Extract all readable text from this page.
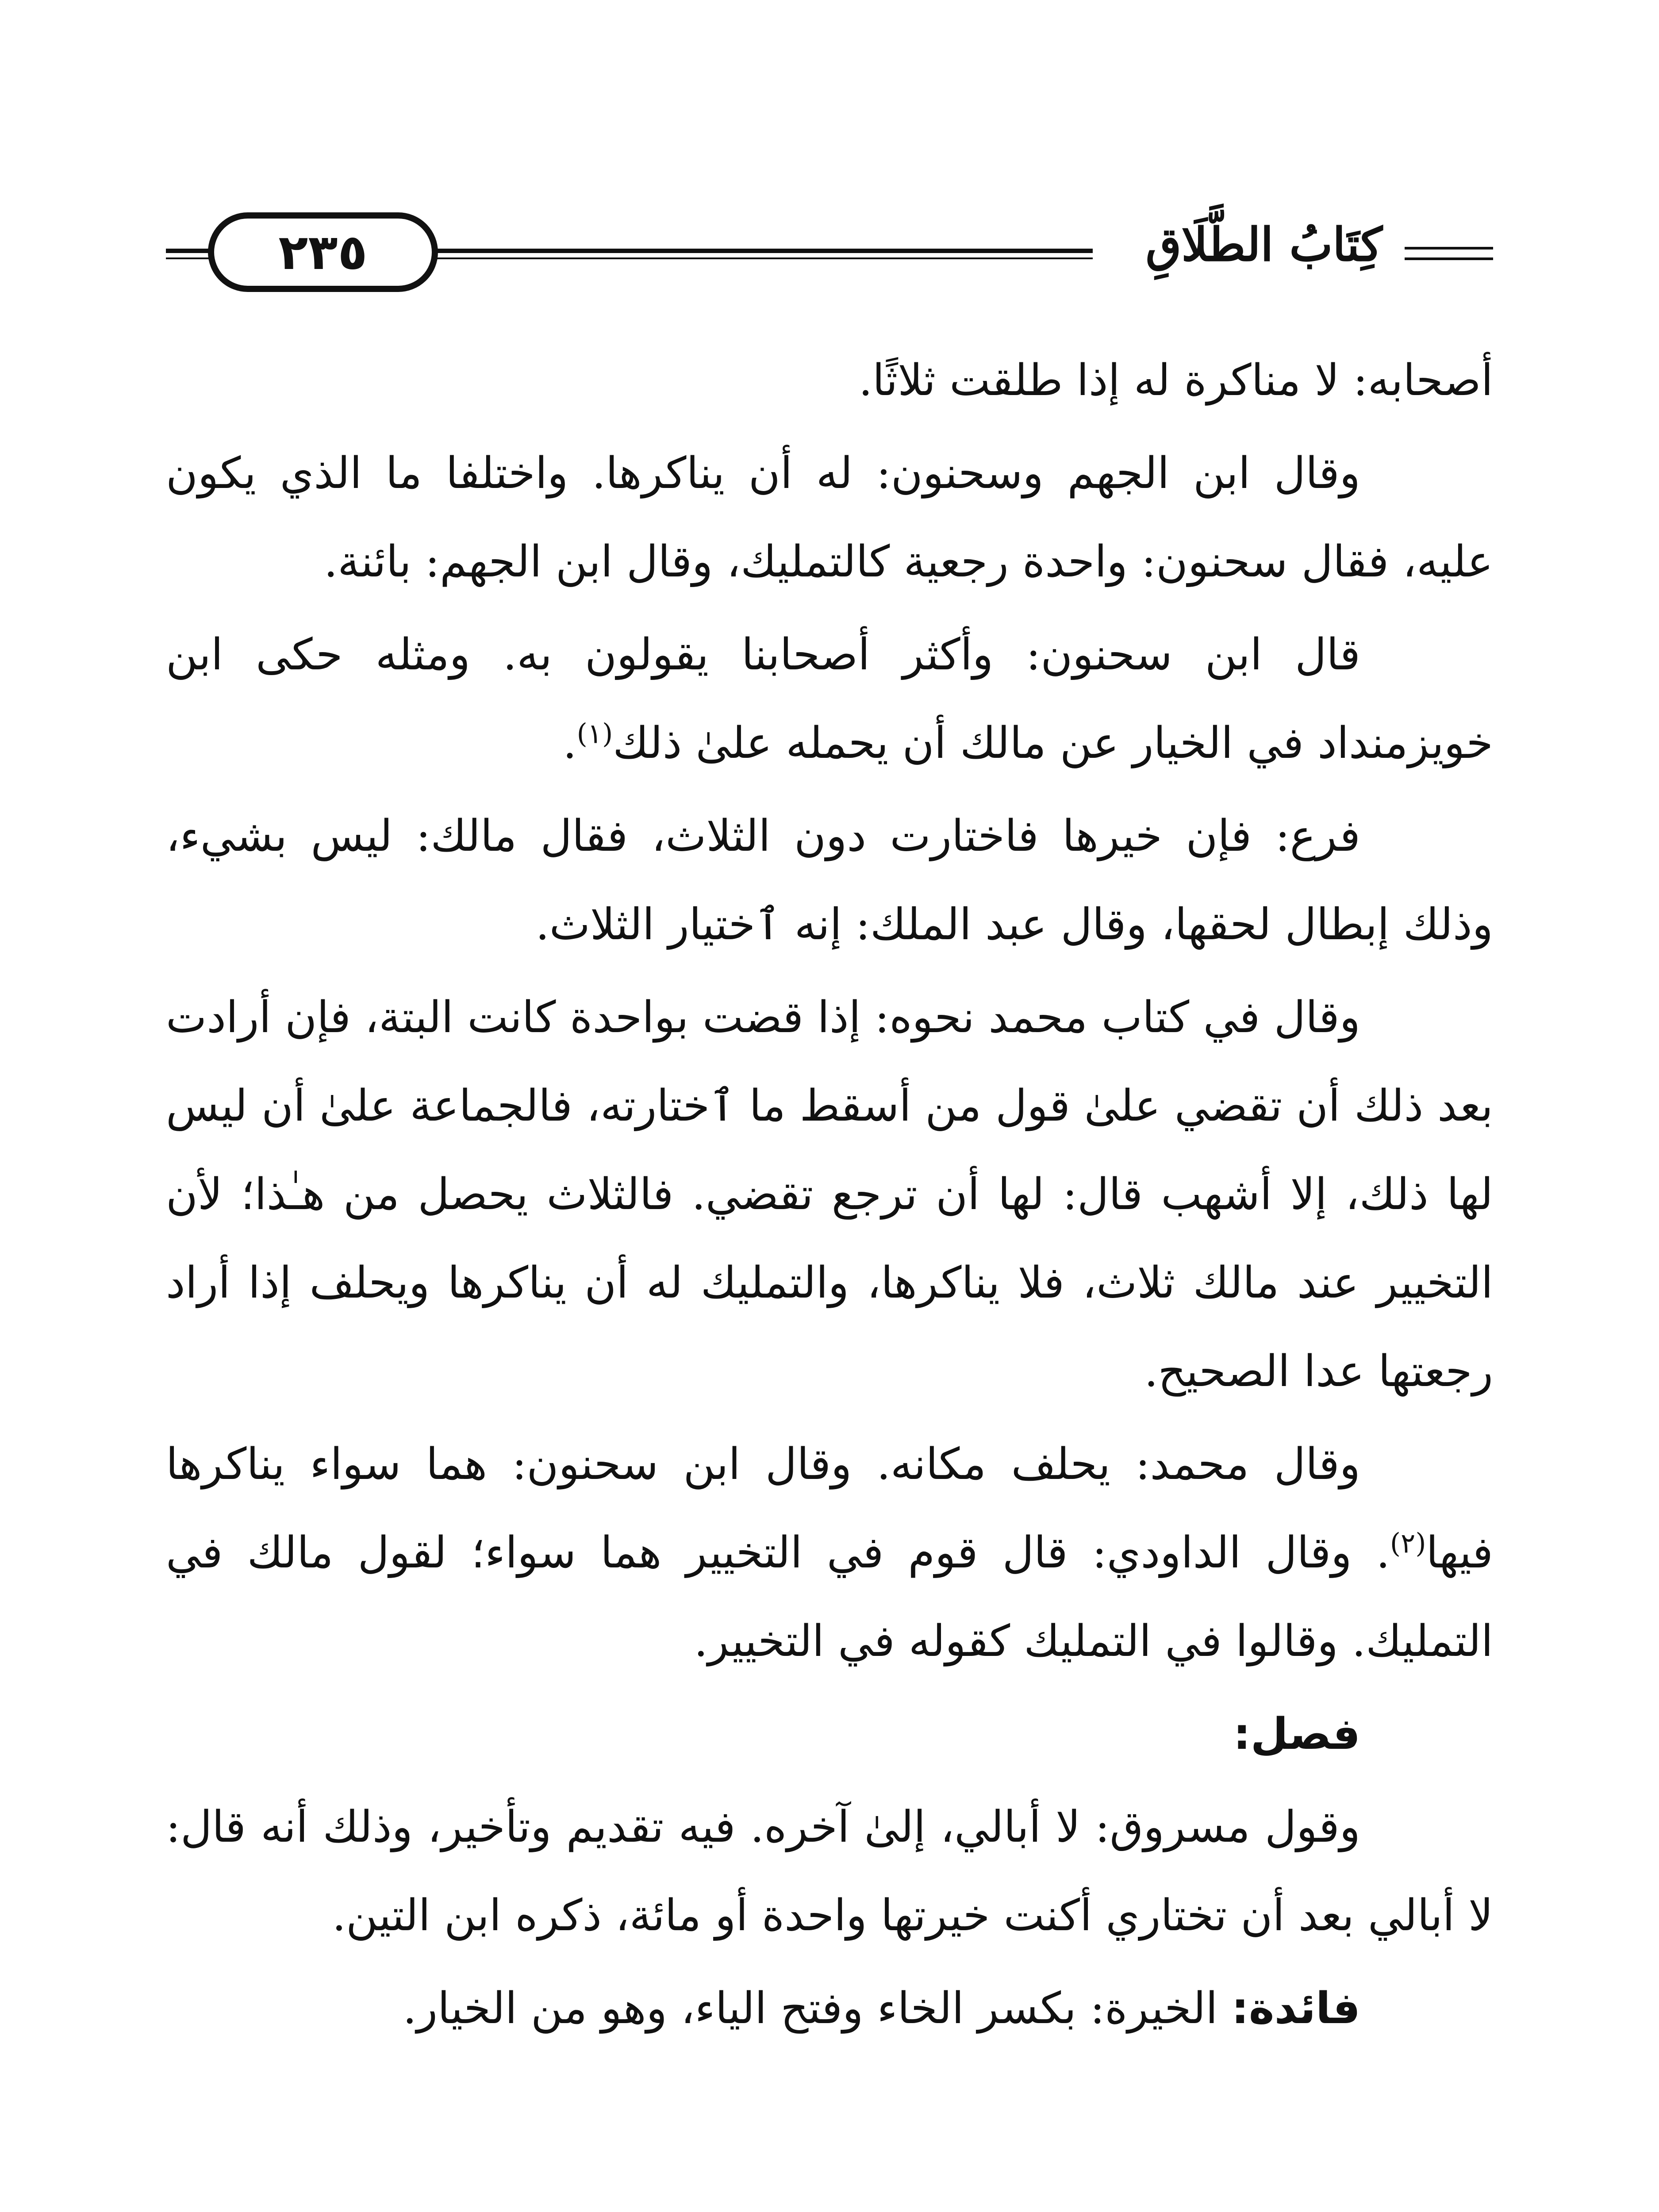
٢٣٥	كِتَابُ الطَّلَاقِ

أصحابه: لا مناكرة له إذا طلقت ثلاثًا.

وقال ابن الجهم وسحنون: له أن يناكرها. واختلفا ما الذي يكون عليه، فقال سحنون: واحدة رجعية كالتمليك، وقال ابن الجهم: بائنة.

قال ابن سحنون: وأكثر أصحابنا يقولون به. ومثله حكى ابن خويزمنداد في الخيار عن مالك أن يحمله علىٰ ذلك$^{(١)}$.

فرع: فإن خيرها فاختارت دون الثلاث، فقال مالك: ليس بشيء، وذلك إبطال لحقها، وقال عبد الملك: إنه ٱختيار الثلاث.

وقال في كتاب محمد نحوه: إذا قضت بواحدة كانت البتة، فإن أرادت بعد ذلك أن تقضي علىٰ قول من أسقط ما ٱختارته، فالجماعة علىٰ أن ليس لها ذلك، إلا أشهب قال: لها أن ترجع تقضي. فالثلاث يحصل من هـٰذا؛ لأن التخيير عند مالك ثلاث، فلا يناكرها، والتمليك له أن يناكرها ويحلف إذا أراد رجعتها عدا الصحيح.

وقال محمد: يحلف مكانه. وقال ابن سحنون: هما سواء يناكرها فيها$^{(٢)}$. وقال الداودي: قال قوم في التخيير هما سواء؛ لقول مالك في التمليك. وقالوا في التمليك كقوله في التخيير.

فصل:

وقول مسروق: لا أبالي، إلىٰ آخره. فيه تقديم وتأخير، وذلك أنه قال: لا أبالي بعد أن تختاري أكنت خيرتها واحدة أو مائة، ذكره ابن التين.

فائدة: الخيرة: بكسر الخاء وفتح الياء، وهو من الخيار.
